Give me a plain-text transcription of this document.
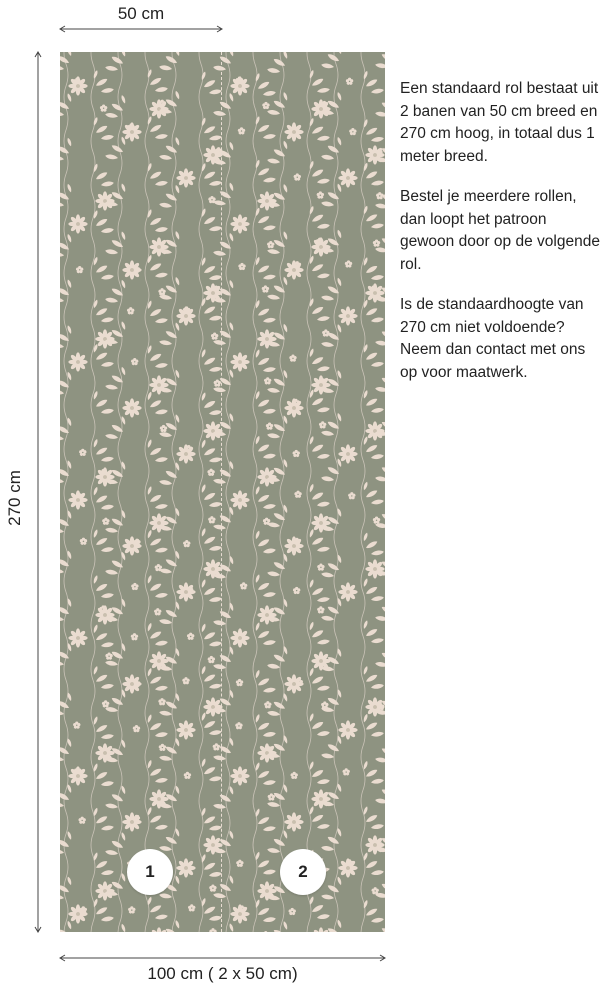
50 cm
270 cm
100 cm ( 2 x 50 cm)
1	2

Een standaard rol bestaat uit 2 banen van 50 cm breed en 270 cm hoog, in totaal dus 1 meter breed.

Bestel je meerdere rollen, dan loopt het patroon gewoon door op de volgende rol.

Is de standaardhoogte van 270 cm niet voldoende? Neem dan contact met ons op voor maatwerk.
